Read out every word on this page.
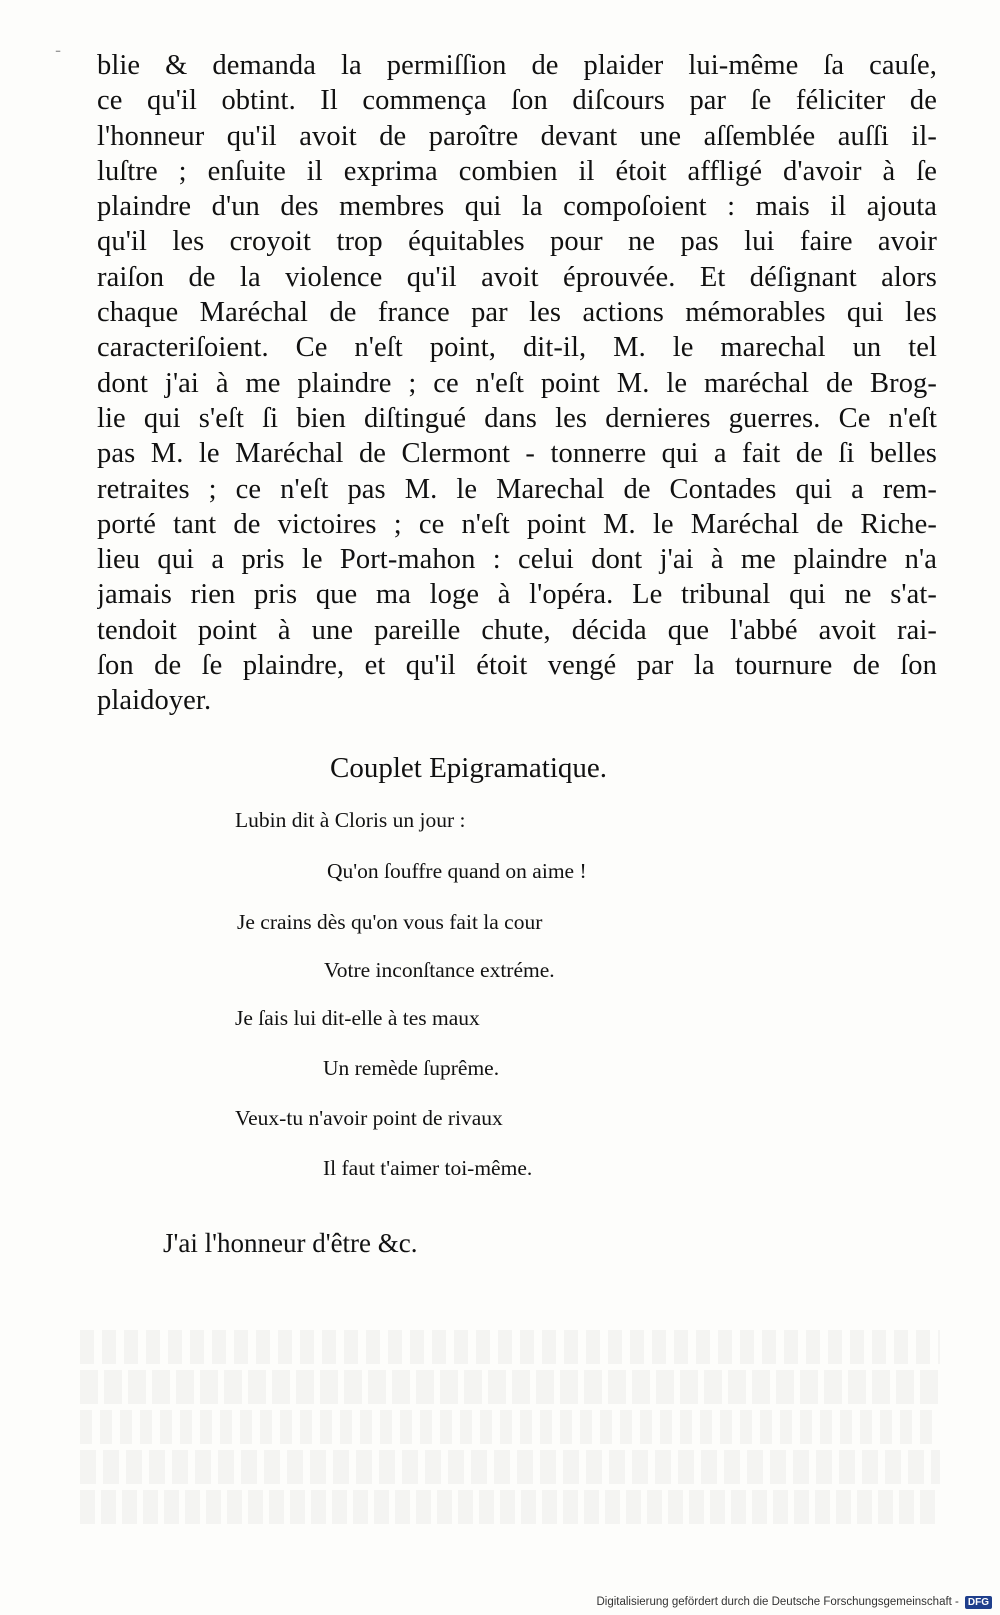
‐ blie & demanda la permiſſion de plaider lui-même ſa cauſe,
ce qu'il obtint. Il commença ſon diſcours par ſe féliciter de
l'honneur qu'il avoit de paroître devant une aſſemblée auſſi il-
luſtre ; enſuite il exprima combien il étoit affligé d'avoir à ſe
plaindre d'un des membres qui la compoſoient : mais il ajouta
qu'il les croyoit trop équitables pour ne pas lui faire avoir
raiſon de la violence qu'il avoit éprouvée. Et déſignant alors
chaque Maréchal de france par les actions mémorables qui les
caracteriſoient. Ce n'eſt point, dit-il, M. le marechal un tel
dont j'ai à me plaindre ; ce n'eſt point M. le maréchal de Brog-
lie qui s'eſt ſi bien diſtingué dans les dernieres guerres. Ce n'eſt
pas M. le Maréchal de Clermont - tonnerre qui a fait de ſi belles
retraites ; ce n'eſt pas M. le Marechal de Contades qui a rem-
porté tant de victoires ; ce n'eſt point M. le Maréchal de Riche-
lieu qui a pris le Port-mahon : celui dont j'ai à me plaindre n'a
jamais rien pris que ma loge à l'opéra. Le tribunal qui ne s'at-
tendoit point à une pareille chute, décida que l'abbé avoit rai-
ſon de ſe plaindre, et qu'il étoit vengé par la tournure de ſon
plaidoyer.
Couplet Epigramatique.
Lubin dit à Cloris un jour :
Qu'on ſouffre quand on aime !
Je crains dès qu'on vous fait la cour
Votre inconſtance extréme.
Je ſais lui dit-elle à tes maux
Un remède ſuprême.
Veux-tu n'avoir point de rivaux
Il faut t'aimer toi-même.
J'ai l'honneur d'être &c.
Digitalisierung gefördert durch die Deutsche Forschungsgemeinschaft - DFG
